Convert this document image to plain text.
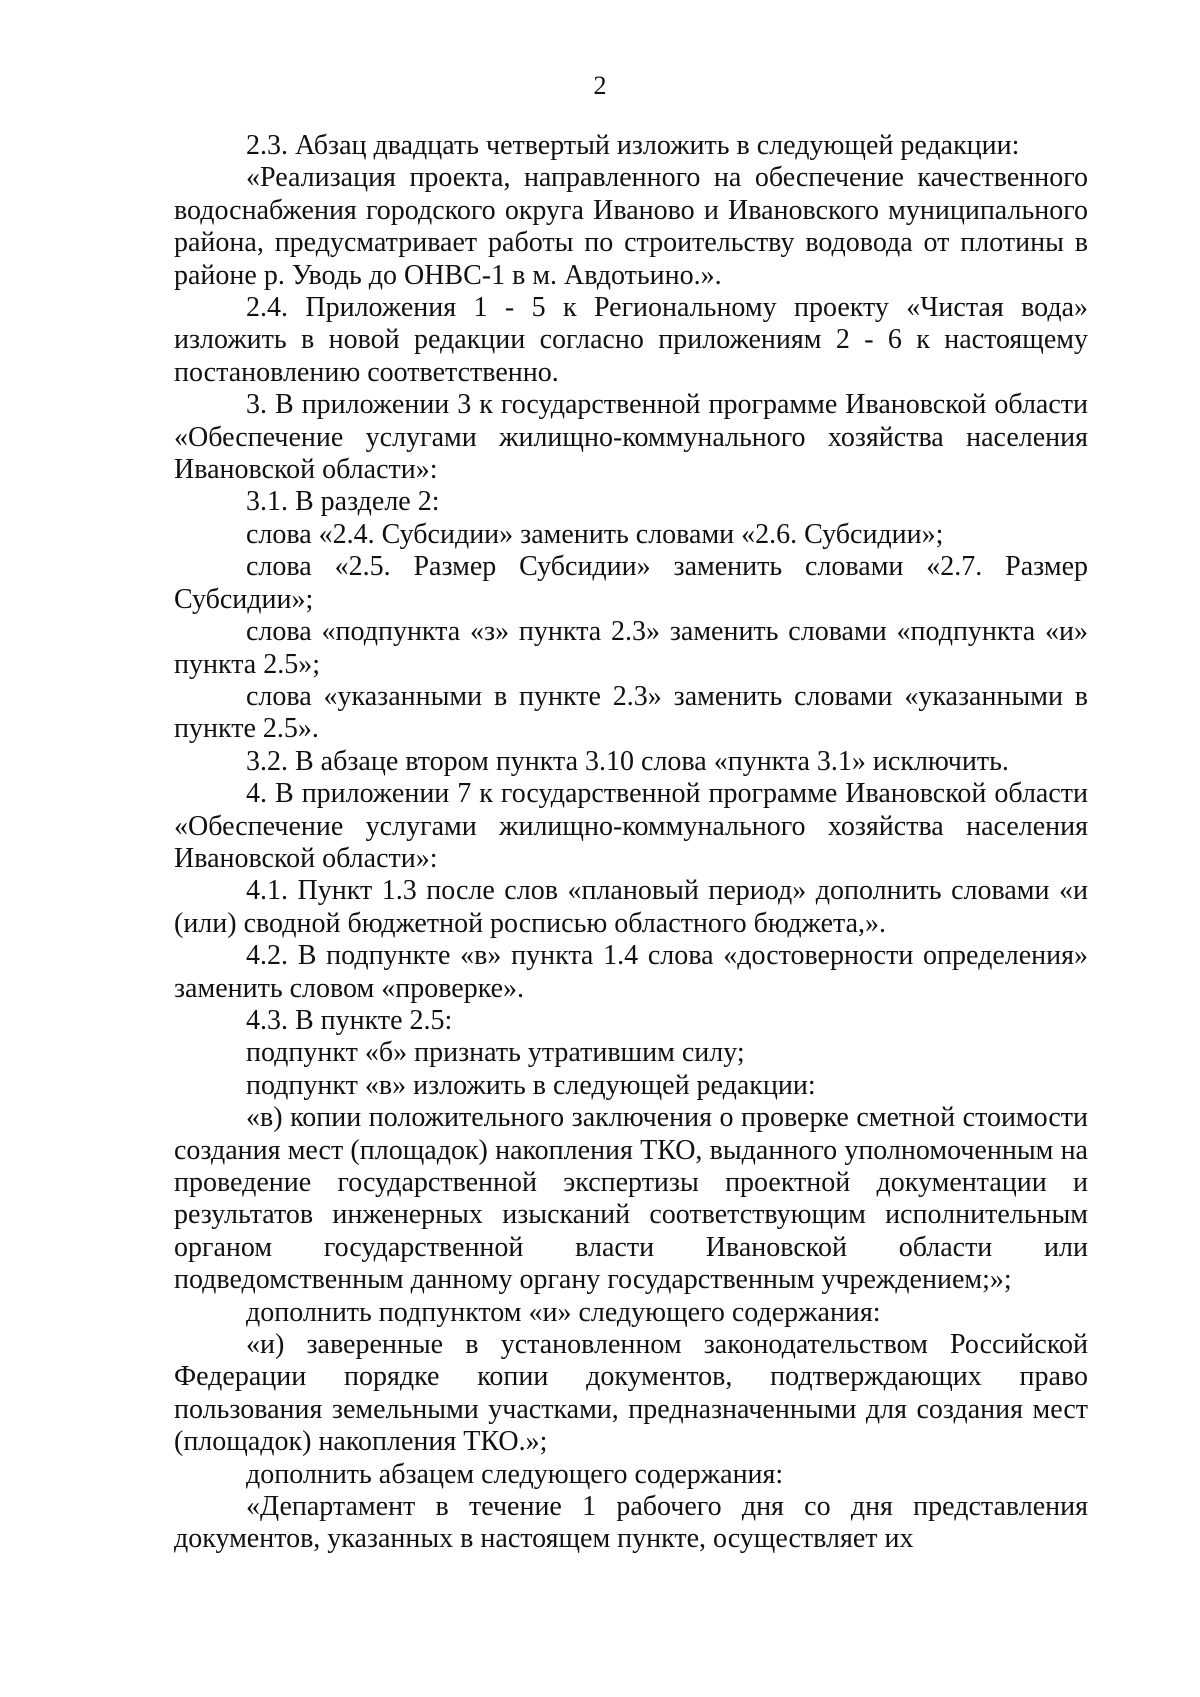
2

2.3. Абзац двадцать четвертый изложить в следующей редакции:

«Реализация проекта, направленного на обеспечение качественного водоснабжения городского округа Иваново и Ивановского муниципального района, предусматривает работы по строительству водовода от плотины в районе р. Уводь до ОНВС-1 в м. Авдотьино.».

2.4. Приложения 1 - 5 к Региональному проекту «Чистая вода» изложить в новой редакции согласно приложениям 2 - 6 к настоящему постановлению соответственно.

3. В приложении 3 к государственной программе Ивановской области «Обеспечение услугами жилищно-коммунального хозяйства населения Ивановской области»:

3.1. В разделе 2:

слова «2.4. Субсидии» заменить словами «2.6. Субсидии»;

слова «2.5. Размер Субсидии» заменить словами «2.7. Размер Субсидии»;

слова «подпункта «з» пункта 2.3» заменить словами «подпункта «и» пункта 2.5»;

слова «указанными в пункте 2.3» заменить словами «указанными в пункте 2.5».

3.2. В абзаце втором пункта 3.10 слова «пункта 3.1» исключить.

4. В приложении 7 к государственной программе Ивановской области «Обеспечение услугами жилищно-коммунального хозяйства населения Ивановской области»:

4.1. Пункт 1.3 после слов «плановый период» дополнить словами «и (или) сводной бюджетной росписью областного бюджета,».

4.2. В подпункте «в» пункта 1.4 слова «достоверности определения» заменить словом «проверке».

4.3. В пункте 2.5:

подпункт «б» признать утратившим силу;

подпункт «в» изложить в следующей редакции:

«в) копии положительного заключения о проверке сметной стоимости создания мест (площадок) накопления ТКО, выданного уполномоченным на проведение государственной экспертизы проектной документации и результатов инженерных изысканий соответствующим исполнительным органом государственной власти Ивановской области или подведомственным данному органу государственным учреждением;»;

дополнить подпунктом «и» следующего содержания:

«и) заверенные в установленном законодательством Российской Федерации порядке копии документов, подтверждающих право пользования земельными участками, предназначенными для создания мест (площадок) накопления ТКО.»;

дополнить абзацем следующего содержания:

«Департамент в течение 1 рабочего дня со дня представления документов, указанных в настоящем пункте, осуществляет их
